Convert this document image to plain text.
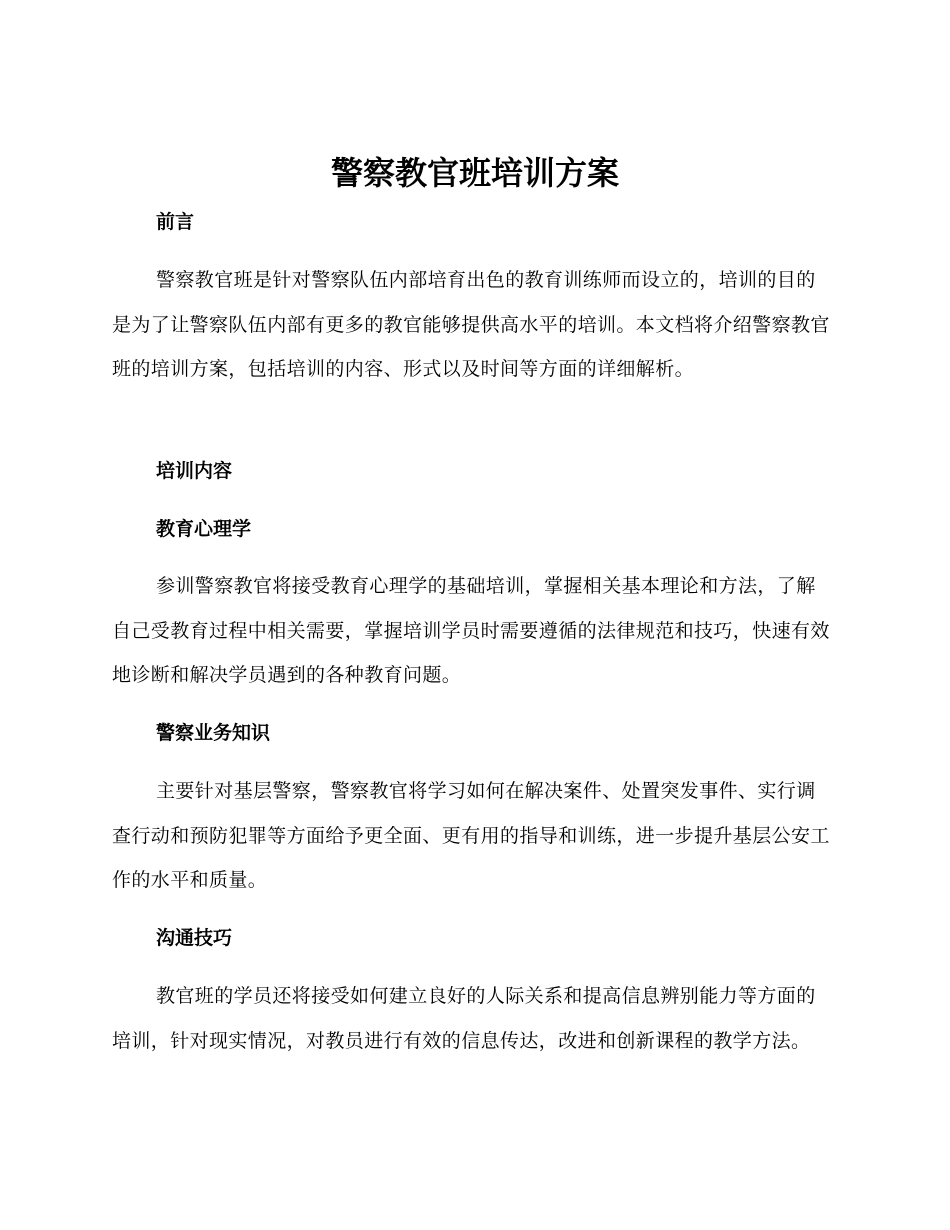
警察教官班培训方案
前言

警察教官班是针对警察队伍内部培育出色的教育训练师而设立的，培训的目的是为了让警察队伍内部有更多的教官能够提供高水平的培训。本文档将介绍警察教官班的培训方案，包括培训的内容、形式以及时间等方面的详细解析。

培训内容
教育心理学

参训警察教官将接受教育心理学的基础培训，掌握相关基本理论和方法，了解自己受教育过程中相关需要，掌握培训学员时需要遵循的法律规范和技巧，快速有效地诊断和解决学员遇到的各种教育问题。

警察业务知识

主要针对基层警察，警察教官将学习如何在解决案件、处置突发事件、实行调查行动和预防犯罪等方面给予更全面、更有用的指导和训练，进一步提升基层公安工作的水平和质量。

沟通技巧

教官班的学员还将接受如何建立良好的人际关系和提高信息辨别能力等方面的培训，针对现实情况，对教员进行有效的信息传达，改进和创新课程的教学方法。
